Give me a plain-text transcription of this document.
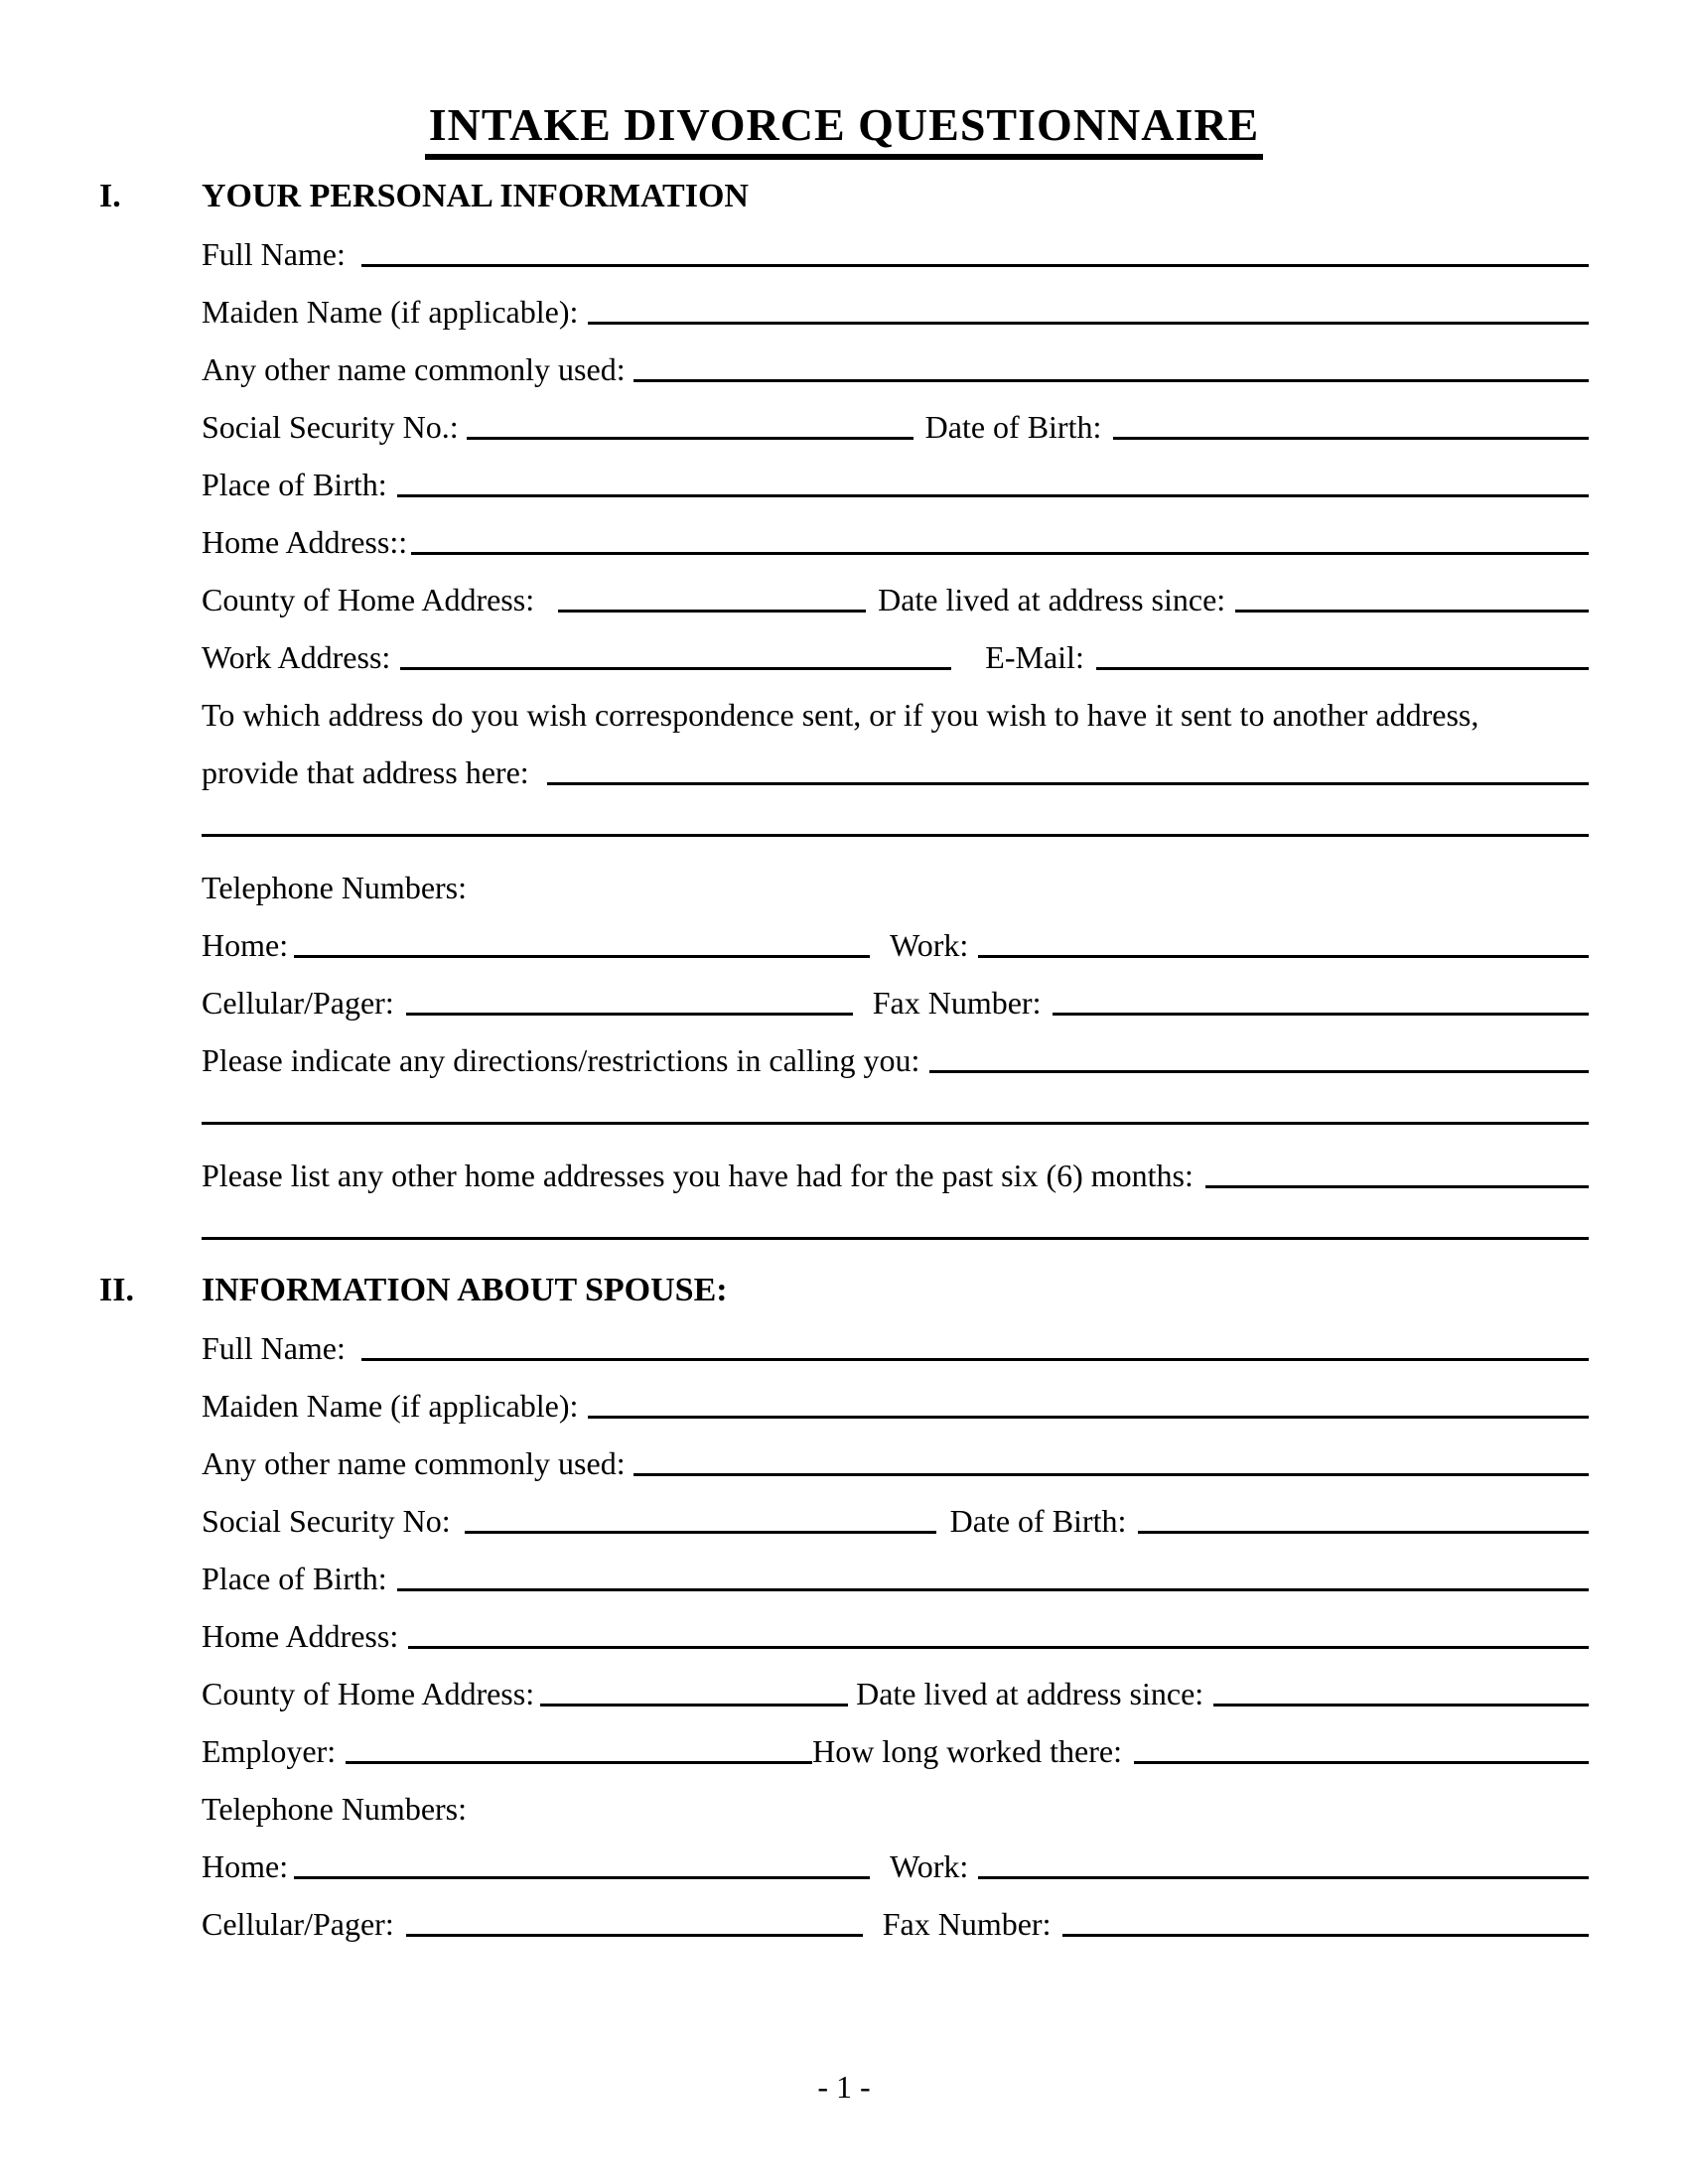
INTAKE DIVORCE QUESTIONNAIRE
I.	YOUR PERSONAL INFORMATION
Full Name:
Maiden Name (if applicable):
Any other name commonly used:
Social Security No.:	Date of Birth:
Place of Birth:
Home Address::
County of Home Address:	Date lived at address since:
Work Address:	E-Mail:
To which address do you wish correspondence sent, or if you wish to have it sent to another address,
provide that address here:
Telephone Numbers:
Home:	Work:
Cellular/Pager:	Fax Number:
Please indicate any directions/restrictions in calling you:
Please list any other home addresses you have had for the past six (6) months:
II.	INFORMATION ABOUT SPOUSE:
Full Name:
Maiden Name (if applicable):
Any other name commonly used:
Social Security No:	Date of Birth:
Place of Birth:
Home Address:
County of Home Address:	Date lived at address since:
Employer:	How long worked there:
Telephone Numbers:
Home:	Work:
Cellular/Pager:	Fax Number:
- 1 -
